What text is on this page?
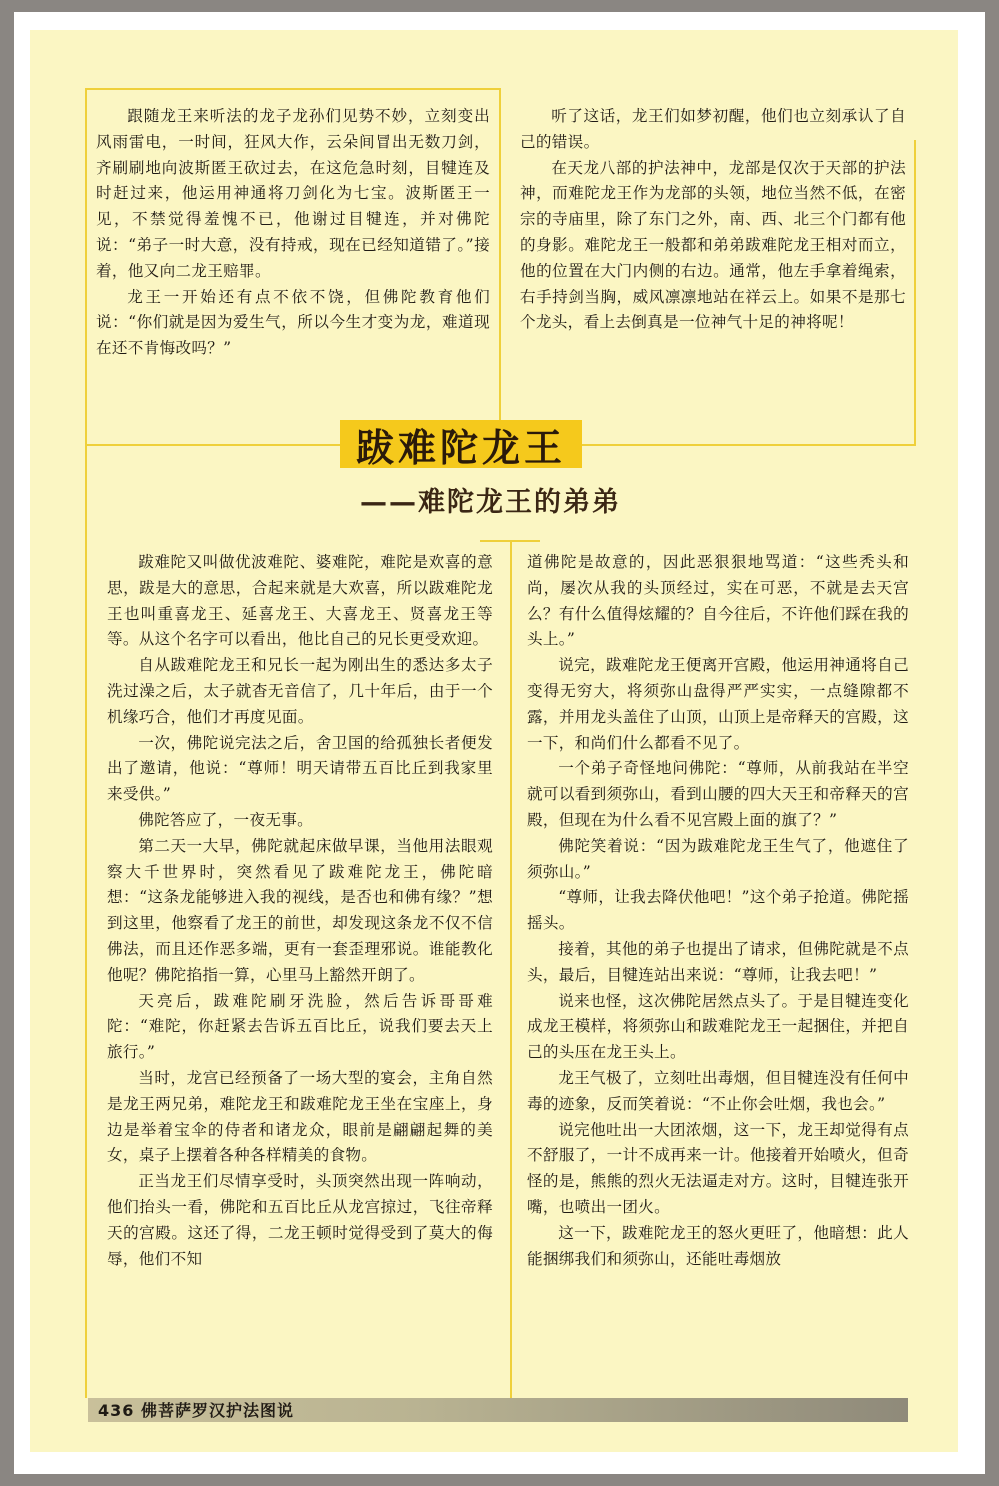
跟随龙王来听法的龙子龙孙们见势不妙，立刻变出风雨雷电，一时间，狂风大作，云朵间冒出无数刀剑，齐刷刷地向波斯匿王砍过去，在这危急时刻，目犍连及时赶过来，他运用神通将刀剑化为七宝。波斯匿王一见，不禁觉得羞愧不已，他谢过目犍连，并对佛陀说：“弟子一时大意，没有持戒，现在已经知道错了。”接着，他又向二龙王赔罪。

龙王一开始还有点不依不饶，但佛陀教育他们说：“你们就是因为爱生气，所以今生才变为龙，难道现在还不肯悔改吗？”

听了这话，龙王们如梦初醒，他们也立刻承认了自己的错误。

在天龙八部的护法神中，龙部是仅次于天部的护法神，而难陀龙王作为龙部的头领，地位当然不低，在密宗的寺庙里，除了东门之外，南、西、北三个门都有他的身影。难陀龙王一般都和弟弟跋难陀龙王相对而立，他的位置在大门内侧的右边。通常，他左手拿着绳索，右手持剑当胸，威风凛凛地站在祥云上。如果不是那七个龙头，看上去倒真是一位神气十足的神将呢！

跋难陀龙王
——难陀龙王的弟弟

跋难陀又叫做优波难陀、婆难陀，难陀是欢喜的意思，跋是大的意思，合起来就是大欢喜，所以跋难陀龙王也叫重喜龙王、延喜龙王、大喜龙王、贤喜龙王等等。从这个名字可以看出，他比自己的兄长更受欢迎。

自从跋难陀龙王和兄长一起为刚出生的悉达多太子洗过澡之后，太子就杳无音信了，几十年后，由于一个机缘巧合，他们才再度见面。

一次，佛陀说完法之后，舍卫国的给孤独长者便发出了邀请，他说：“尊师！明天请带五百比丘到我家里来受供。”

佛陀答应了，一夜无事。

第二天一大早，佛陀就起床做早课，当他用法眼观察大千世界时，突然看见了跋难陀龙王，佛陀暗想：“这条龙能够进入我的视线，是否也和佛有缘？”想到这里，他察看了龙王的前世，却发现这条龙不仅不信佛法，而且还作恶多端，更有一套歪理邪说。谁能教化他呢？佛陀掐指一算，心里马上豁然开朗了。

天亮后，跋难陀刷牙洗脸，然后告诉哥哥难陀：“难陀，你赶紧去告诉五百比丘，说我们要去天上旅行。”

当时，龙宫已经预备了一场大型的宴会，主角自然是龙王两兄弟，难陀龙王和跋难陀龙王坐在宝座上，身边是举着宝伞的侍者和诸龙众，眼前是翩翩起舞的美女，桌子上摆着各种各样精美的食物。

正当龙王们尽情享受时，头顶突然出现一阵响动，他们抬头一看，佛陀和五百比丘从龙宫掠过，飞往帝释天的宫殿。这还了得，二龙王顿时觉得受到了莫大的侮辱，他们不知

道佛陀是故意的，因此恶狠狠地骂道：“这些秃头和尚，屡次从我的头顶经过，实在可恶，不就是去天宫么？有什么值得炫耀的？自今往后，不许他们踩在我的头上。”

说完，跋难陀龙王便离开宫殿，他运用神通将自己变得无穷大，将须弥山盘得严严实实，一点缝隙都不露，并用龙头盖住了山顶，山顶上是帝释天的宫殿，这一下，和尚们什么都看不见了。

一个弟子奇怪地问佛陀：“尊师，从前我站在半空就可以看到须弥山，看到山腰的四大天王和帝释天的宫殿，但现在为什么看不见宫殿上面的旗了？”

佛陀笑着说：“因为跋难陀龙王生气了，他遮住了须弥山。”

“尊师，让我去降伏他吧！”这个弟子抢道。佛陀摇摇头。

接着，其他的弟子也提出了请求，但佛陀就是不点头，最后，目犍连站出来说：“尊师，让我去吧！”

说来也怪，这次佛陀居然点头了。于是目犍连变化成龙王模样，将须弥山和跋难陀龙王一起捆住，并把自己的头压在龙王头上。

龙王气极了，立刻吐出毒烟，但目犍连没有任何中毒的迹象，反而笑着说：“不止你会吐烟，我也会。”

说完他吐出一大团浓烟，这一下，龙王却觉得有点不舒服了，一计不成再来一计。他接着开始喷火，但奇怪的是，熊熊的烈火无法逼走对方。这时，目犍连张开嘴，也喷出一团火。

这一下，跋难陀龙王的怒火更旺了，他暗想：此人能捆绑我们和须弥山，还能吐毒烟放

436 佛菩萨罗汉护法图说
